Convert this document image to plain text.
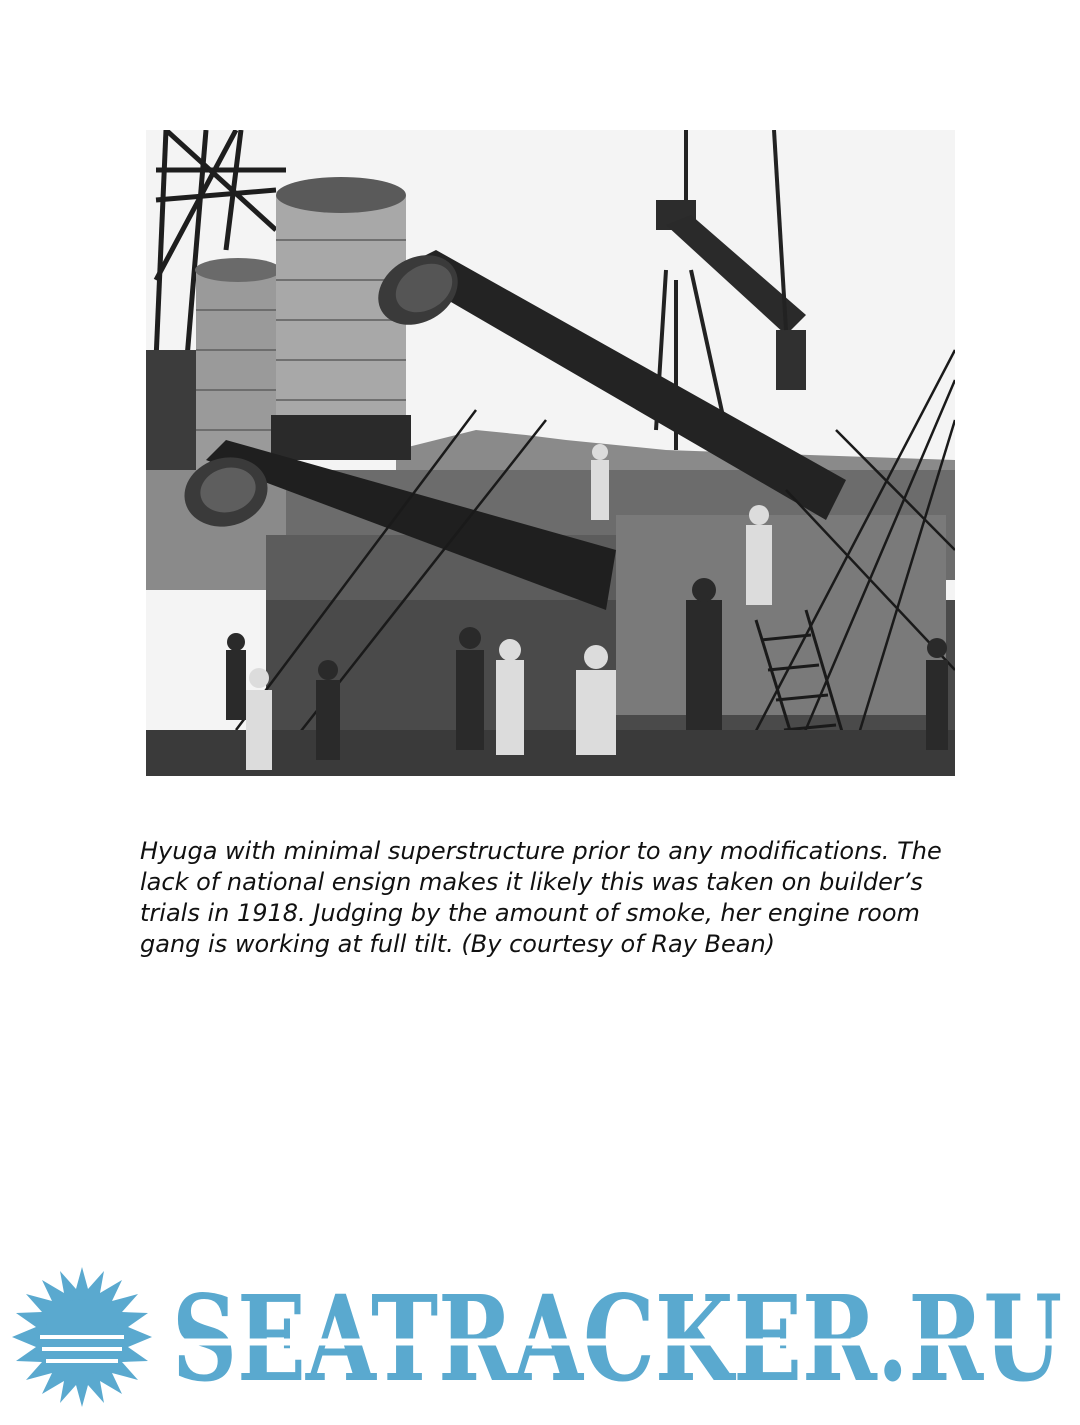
Hyuga with minimal superstructure prior to any modifications. The lack of national ensign makes it likely this was taken on builder’s trials in 1918. Judging by the amount of smoke, her engine room gang is working at full tilt. (By courtesy of Ray Bean)

SEATRACKER.RU
